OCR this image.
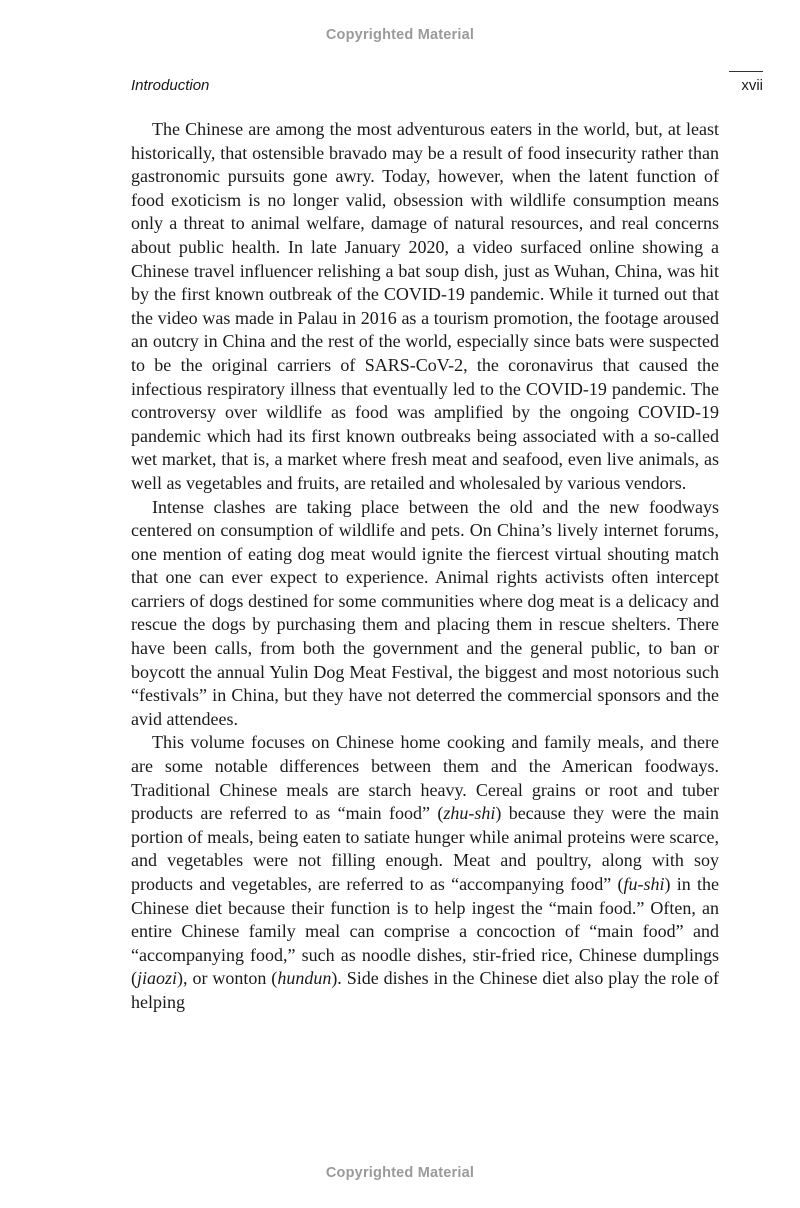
Copyrighted Material
Introduction	xvii

The Chinese are among the most adventurous eaters in the world, but, at least historically, that ostensible bravado may be a result of food insecurity rather than gastronomic pursuits gone awry. Today, however, when the latent function of food exoticism is no longer valid, obsession with wildlife consumption means only a threat to animal welfare, damage of natural resources, and real concerns about public health. In late January 2020, a video surfaced online showing a Chinese travel influencer relishing a bat soup dish, just as Wuhan, China, was hit by the first known outbreak of the COVID-19 pandemic. While it turned out that the video was made in Palau in 2016 as a tourism promotion, the footage aroused an outcry in China and the rest of the world, especially since bats were suspected to be the original carriers of SARS-CoV-2, the coronavirus that caused the infectious respiratory illness that eventually led to the COVID-19 pandemic. The controversy over wildlife as food was amplified by the ongoing COVID-19 pandemic which had its first known outbreaks being associated with a so-called wet market, that is, a market where fresh meat and seafood, even live animals, as well as vegetables and fruits, are retailed and wholesaled by various vendors.

Intense clashes are taking place between the old and the new foodways centered on consumption of wildlife and pets. On China’s lively internet forums, one mention of eating dog meat would ignite the fiercest virtual shouting match that one can ever expect to experience. Animal rights activists often intercept carriers of dogs destined for some communities where dog meat is a delicacy and rescue the dogs by purchasing them and placing them in rescue shelters. There have been calls, from both the government and the general public, to ban or boycott the annual Yulin Dog Meat Festival, the biggest and most notorious such “festivals” in China, but they have not deterred the commercial sponsors and the avid attendees.

This volume focuses on Chinese home cooking and family meals, and there are some notable differences between them and the American foodways. Traditional Chinese meals are starch heavy. Cereal grains or root and tuber products are referred to as “main food” (zhu-shi) because they were the main portion of meals, being eaten to satiate hunger while animal proteins were scarce, and vegetables were not filling enough. Meat and poultry, along with soy products and vegetables, are referred to as “accompanying food” (fu-shi) in the Chinese diet because their function is to help ingest the “main food.” Often, an entire Chinese family meal can comprise a concoction of “main food” and “accompanying food,” such as noodle dishes, stir-fried rice, Chinese dumplings (jiaozi), or wonton (hundun). Side dishes in the Chinese diet also play the role of helping

Copyrighted Material
